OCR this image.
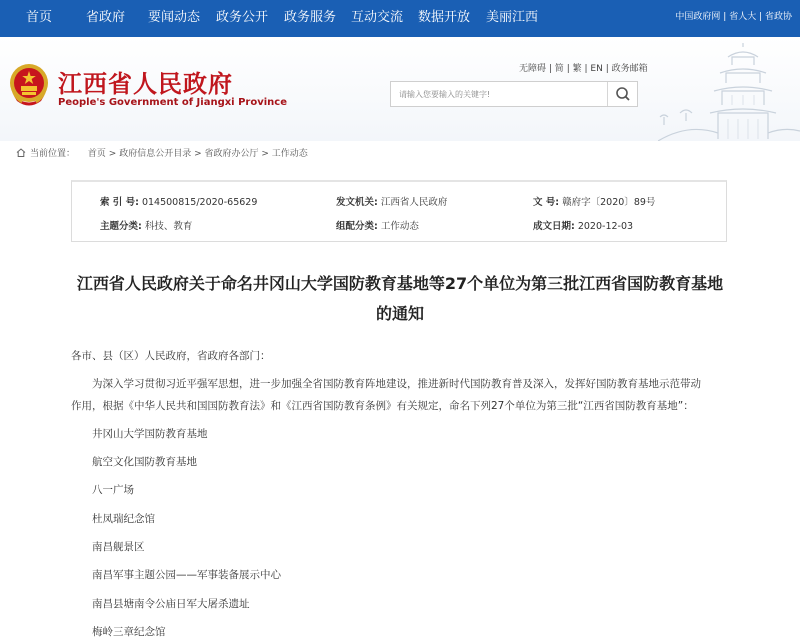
首页	省政府 要闻动态 政务公开 政务服务 互动交流 数据开放 美丽江西	中国政府网 | 省人大 | 省政协
江西省人民政府
People's Government of Jiangxi Province
无障碍 | 简 | 繁 | EN | 政务邮箱
请输入您要输入的关键字!
当前位置： 首页 > 政府信息公开目录 > 省政府办公厅 > 工作动态
索 引 号: 014500815/2020-65629	发文机关: 江西省人民政府	文 号: 赣府字〔2020〕89号
主题分类: 科技、教育	组配分类: 工作动态	成文日期: 2020-12-03
江西省人民政府关于命名井冈山大学国防教育基地等27个单位为第三批江西省国防教育基地
的通知
各市、县（区）人民政府，省政府各部门：
为深入学习贯彻习近平强军思想，进一步加强全省国防教育阵地建设，推进新时代国防教育普及深入，发挥好国防教育基地示范带动
作用，根据《中华人民共和国国防教育法》和《江西省国防教育条例》有关规定，命名下列27个单位为第三批“江西省国防教育基地”：
井冈山大学国防教育基地
航空文化国防教育基地
八一广场
杜凤瑞纪念馆
南昌舰景区
南昌军事主题公园——军事装备展示中心
南昌县塘南令公庙日军大屠杀遗址
梅岭三章纪念馆
